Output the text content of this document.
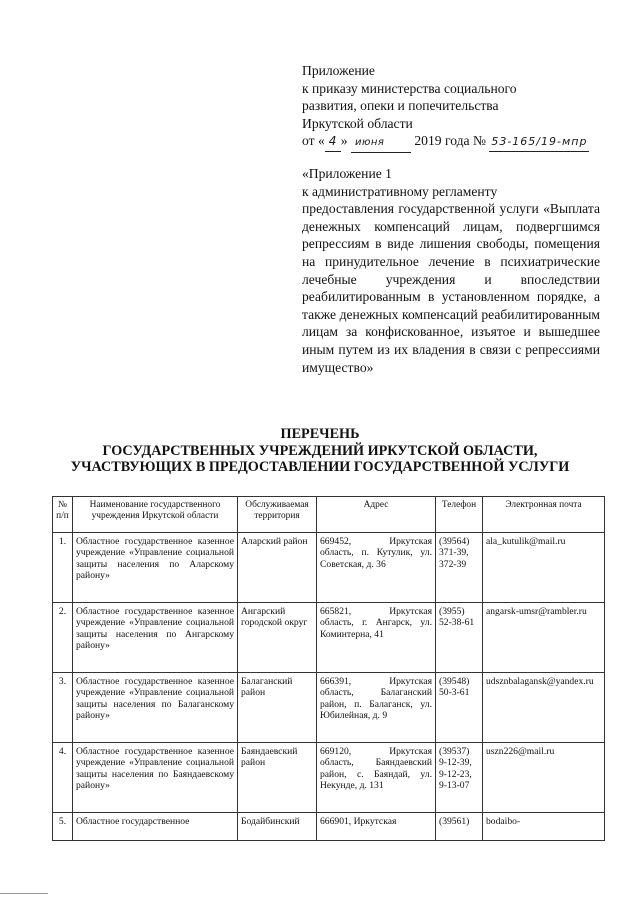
Приложение
к приказу министерства социального
развития, опеки и попечительства
Иркутской области
от « 4 » июня 2019 года № 53-165/19-мпр

«Приложение 1

к административному регламенту

предоставления государственной услуги «Выплата денежных компенсаций лицам, подвергшимся репрессиям в виде лишения свободы, помещения на принудительное лечение в психиатрические лечебные учреждения и впоследствии реабилитированным в установленном порядке, а также денежных компенсаций реабилитированным лицам за конфискованное, изъятое и вышедшее иным путем из их владения в связи с репрессиями имущество»

ПЕРЕЧЕНЬ
ГОСУДАРСТВЕННЫХ УЧРЕЖДЕНИЙ ИРКУТСКОЙ ОБЛАСТИ,
УЧАСТВУЮЩИХ В ПРЕДОСТАВЛЕНИИ ГОСУДАРСТВЕННОЙ УСЛУГИ
№ п/п	Наименование государственного учреждения Иркутской области	Обслуживаемая территория	Адрес	Телефон	Электронная почта
1.	Областное государственное казенное учреждение «Управление социальной защиты населения по Аларскому району»	Аларский район	669452, Иркутская область, п. Кутулик, ул. Советская, д. 36	(39564) 371-39, 372-39	ala_kutulik@mail.ru
2.	Областное государственное казенное учреждение «Управление социальной защиты населения по Ангарскому району»	Ангарский городской округ	665821, Иркутская область, г. Ангарск, ул. Коминтерна, 41	(3955) 52-38-61	angarsk-umsr@rambler.ru
3.	Областное государственное казенное учреждение «Управление социальной защиты населения по Балаганскому району»	Балаганский район	666391, Иркутская область, Балаганский район, п. Балаганск, ул. Юбилейная, д. 9	(39548) 50-3-61	udsznbalagansk@yandex.ru
4.	Областное государственное казенное учреждение «Управление социальной защиты населения по Баяндаевскому району»	Баяндаевский район	669120, Иркутская область, Баяндаевский район, с. Баяндай, ул. Некунде, д. 131	(39537) 9-12-39, 9-12-23, 9-13-07	uszn226@mail.ru
5.	Областное государственное	Бодайбинский	666901, Иркутская	(39561)	bodaibo-
